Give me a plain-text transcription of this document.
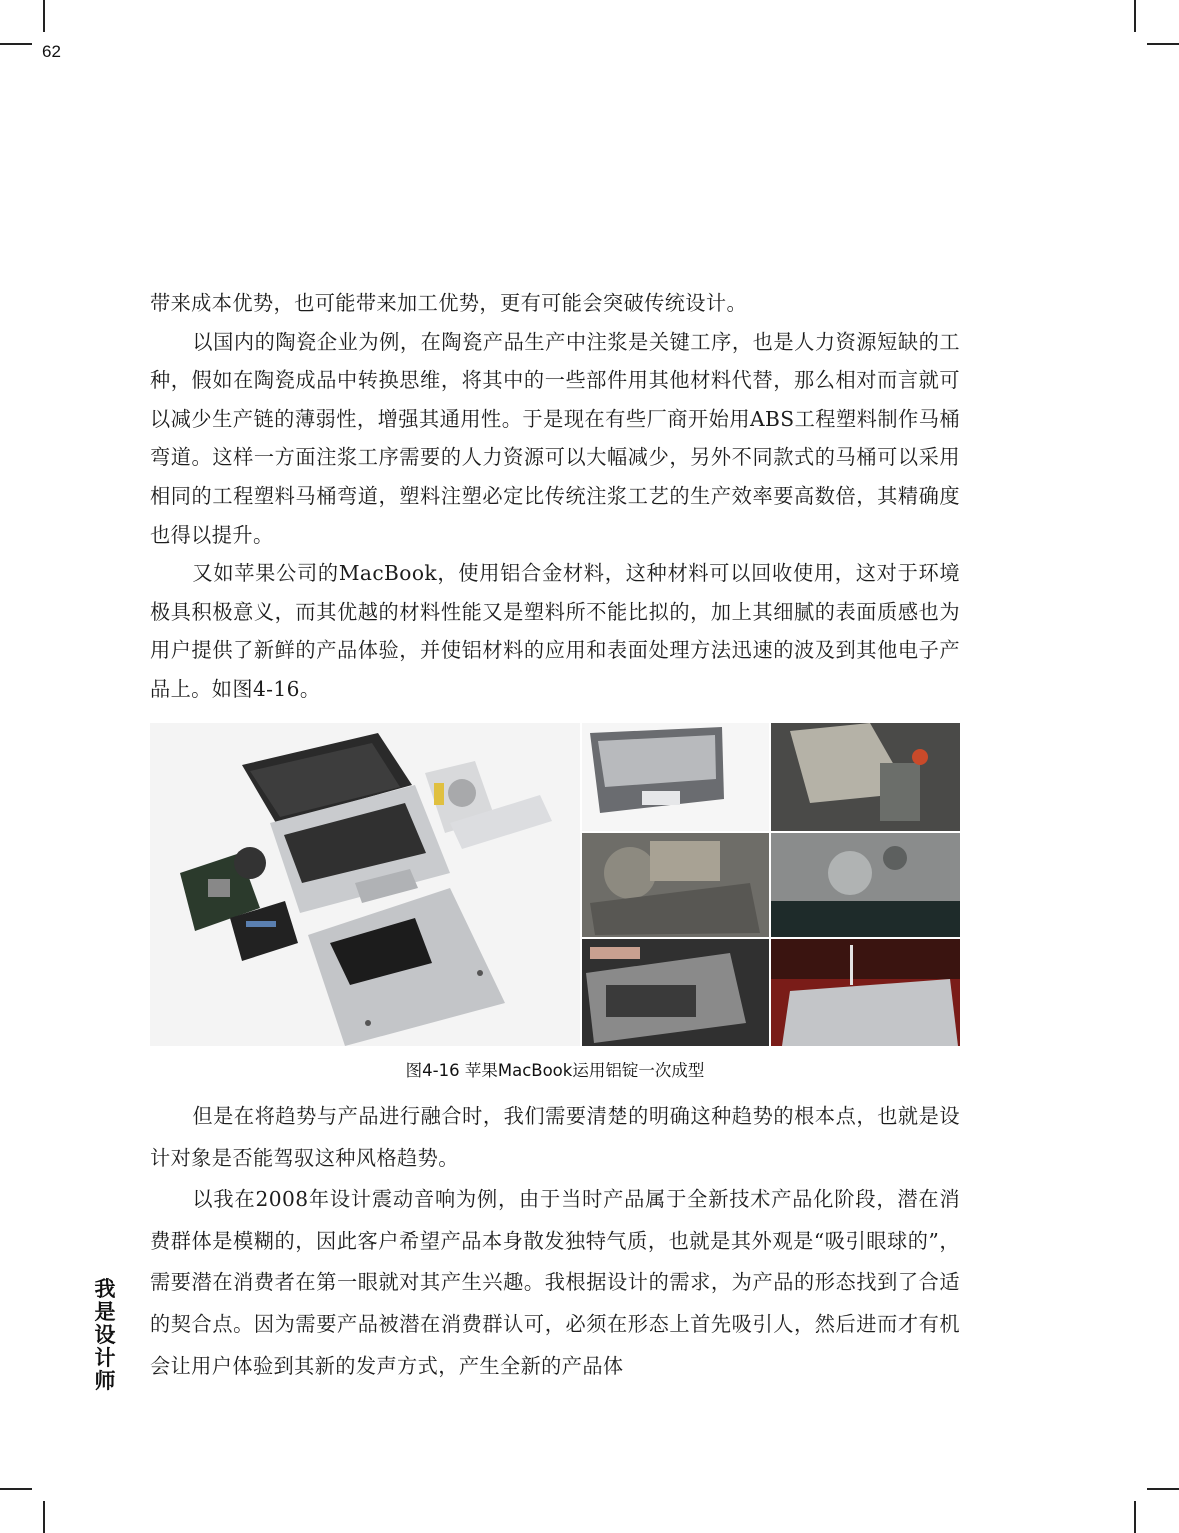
62
我
是
设
计
师

带来成本优势，也可能带来加工优势，更有可能会突破传统设计。

以国内的陶瓷企业为例，在陶瓷产品生产中注浆是关键工序，也是人力资源短缺的工种，假如在陶瓷成品中转换思维，将其中的一些部件用其他材料代替，那么相对而言就可以减少生产链的薄弱性，增强其通用性。于是现在有些厂商开始用ABS工程塑料制作马桶弯道。这样一方面注浆工序需要的人力资源可以大幅减少，另外不同款式的马桶可以采用相同的工程塑料马桶弯道，塑料注塑必定比传统注浆工艺的生产效率要高数倍，其精确度也得以提升。

又如苹果公司的MacBook，使用铝合金材料，这种材料可以回收使用，这对于环境极具积极意义，而其优越的材料性能又是塑料所不能比拟的，加上其细腻的表面质感也为用户提供了新鲜的产品体验，并使铝材料的应用和表面处理方法迅速的波及到其他电子产品上。如图4-16。

图4-16 苹果MacBook运用铝锭一次成型

但是在将趋势与产品进行融合时，我们需要清楚的明确这种趋势的根本点，也就是设计对象是否能驾驭这种风格趋势。

以我在2008年设计震动音响为例，由于当时产品属于全新技术产品化阶段，潜在消费群体是模糊的，因此客户希望产品本身散发独特气质，也就是其外观是“吸引眼球的”，需要潜在消费者在第一眼就对其产生兴趣。我根据设计的需求，为产品的形态找到了合适的契合点。因为需要产品被潜在消费群认可，必须在形态上首先吸引人，然后进而才有机会让用户体验到其新的发声方式，产生全新的产品体
